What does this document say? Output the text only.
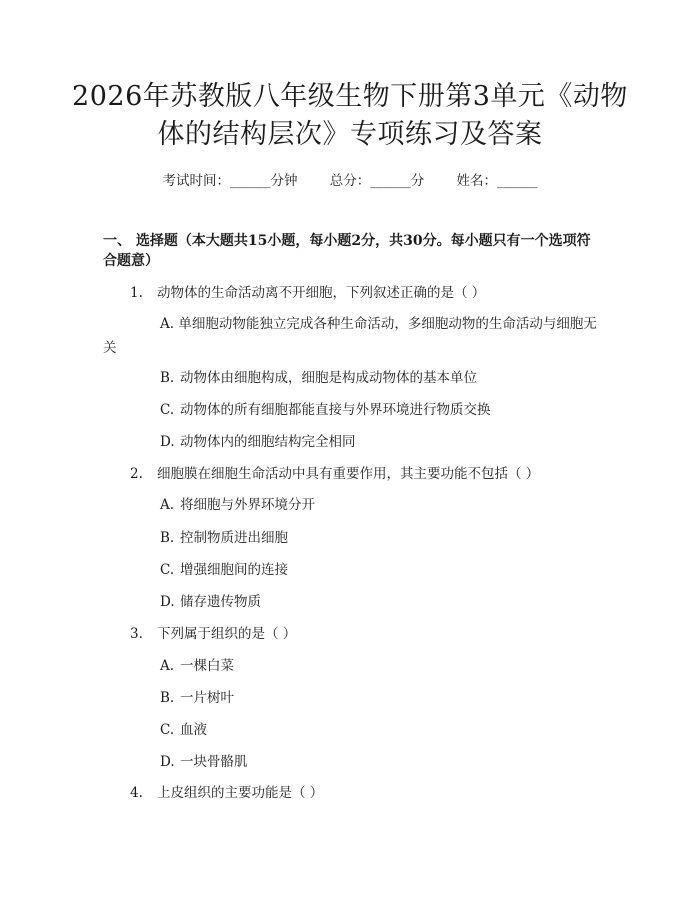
2026年苏教版八年级生物下册第3单元《动物体的结构层次》专项练习及答案
考试时间：______分钟 总分：______分 姓名：______
一、 选择题（本大题共15小题，每小题2分，共30分。每小题只有一个选项符合题意）
1. 动物体的生命活动离不开细胞，下列叙述正确的是（ ）
A. 单细胞动物能独立完成各种生命活动，多细胞动物的生命活动与细胞无关
B. 动物体由细胞构成，细胞是构成动物体的基本单位
C. 动物体的所有细胞都能直接与外界环境进行物质交换
D. 动物体内的细胞结构完全相同
2. 细胞膜在细胞生命活动中具有重要作用，其主要功能不包括（ ）
A. 将细胞与外界环境分开
B. 控制物质进出细胞
C. 增强细胞间的连接
D. 储存遗传物质
3. 下列属于组织的是（ ）
A. 一棵白菜
B. 一片树叶
C. 血液
D. 一块骨骼肌
4. 上皮组织的主要功能是（ ）
